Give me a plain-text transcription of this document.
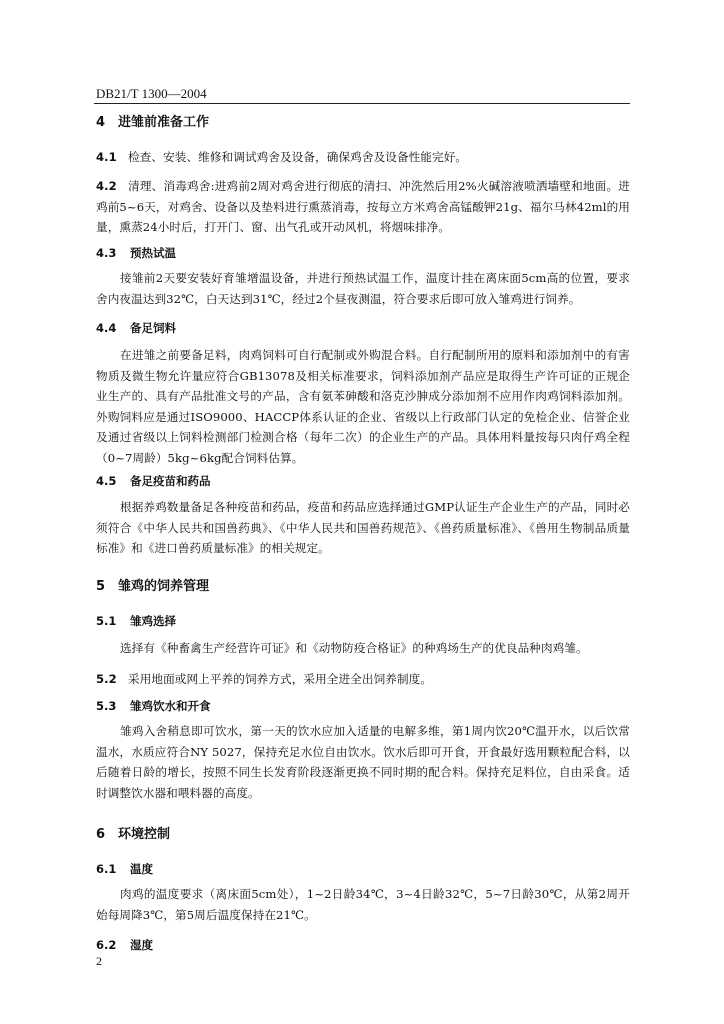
DB21/T 1300—2004
4 进雏前准备工作
4.1 检查、安装、维修和调试鸡舍及设备，确保鸡舍及设备性能完好。
4.2 清理、消毒鸡舍:进鸡前2周对鸡舍进行彻底的清扫、冲洗然后用2%火碱溶液喷洒墙壁和地面。进鸡前5~6天，对鸡舍、设备以及垫料进行熏蒸消毒，按每立方米鸡舍高锰酸钾21g、福尔马林42ml的用量，熏蒸24小时后，打开门、窗、出气孔或开动风机，将烟味排净。
4.3 预热试温
接雏前2天要安装好育雏增温设备，并进行预热试温工作，温度计挂在离床面5cm高的位置，要求舍内夜温达到32℃，白天达到31℃，经过2个昼夜测温，符合要求后即可放入雏鸡进行饲养。
4.4 备足饲料
在进雏之前要备足料，肉鸡饲料可自行配制或外购混合料。自行配制所用的原料和添加剂中的有害物质及微生物允许量应符合GB13078及相关标准要求，饲料添加剂产品应是取得生产许可证的正规企业生产的、具有产品批准文号的产品，含有氨苯砷酸和洛克沙胂成分添加剂不应用作肉鸡饲料添加剂。外购饲料应是通过ISO9000、HACCP体系认证的企业、省级以上行政部门认定的免检企业、信誉企业及通过省级以上饲料检测部门检测合格（每年二次）的企业生产的产品。具体用料量按每只肉仔鸡全程（0~7周龄）5kg~6kg配合饲料估算。
4.5 备足疫苗和药品
根据养鸡数量备足各种疫苗和药品，疫苗和药品应选择通过GMP认证生产企业生产的产品，同时必须符合《中华人民共和国兽药典》、《中华人民共和国兽药规范》、《兽药质量标准》、《兽用生物制品质量标准》和《进口兽药质量标准》的相关规定。
5 雏鸡的饲养管理
5.1 雏鸡选择
选择有《种畜禽生产经营许可证》和《动物防疫合格证》的种鸡场生产的优良品种肉鸡雏。
5.2 采用地面或网上平养的饲养方式，采用全进全出饲养制度。
5.3 雏鸡饮水和开食
雏鸡入舍稍息即可饮水，第一天的饮水应加入适量的电解多维，第1周内饮20℃温开水，以后饮常温水，水质应符合NY 5027，保持充足水位自由饮水。饮水后即可开食，开食最好选用颗粒配合料，以后随着日龄的增长，按照不同生长发育阶段逐渐更换不同时期的配合料。保持充足料位，自由采食。适时调整饮水器和喂料器的高度。
6 环境控制
6.1 温度
肉鸡的温度要求（离床面5cm处），1~2日龄34℃，3~4日龄32℃，5~7日龄30℃，从第2周开始每周降3℃，第5周后温度保持在21℃。
6.2 湿度
2
